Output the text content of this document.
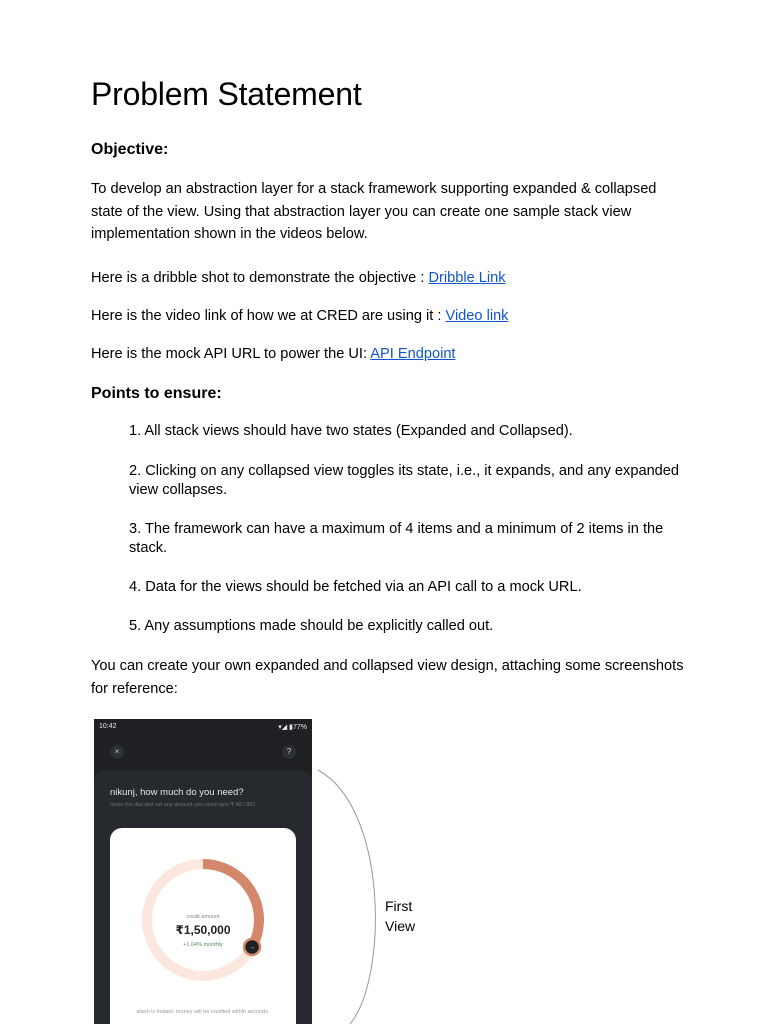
Problem Statement
Objective:

To develop an abstraction layer for a stack framework supporting expanded & collapsed state of the view. Using that abstraction layer you can create one sample stack view implementation shown in the videos below.

Here is a dribble shot to demonstrate the objective : Dribble Link

Here is the video link of how we at CRED are using it : Video link

Here is the mock API URL to power the UI: API Endpoint

Points to ensure:

1. All stack views should have two states (Expanded and Collapsed).

2. Clicking on any collapsed view toggles its state, i.e., it expands, and any expanded view collapses.

3. The framework can have a maximum of 4 items and a minimum of 2 items in the stack.

4. Data for the views should be fetched via an API call to a mock URL.

5. Any assumptions made should be explicitly called out.

You can create your own expanded and collapsed view design, attaching some screenshots for reference:

10:42	▾◢ ▮77%
×	?
nikunj, how much do you need?
move the dial and set any amount you need upto ₹ 487,891
→
credit amount
₹1,50,000
+1.04% monthly
stash is instant. money will be credited within seconds.
First
View
